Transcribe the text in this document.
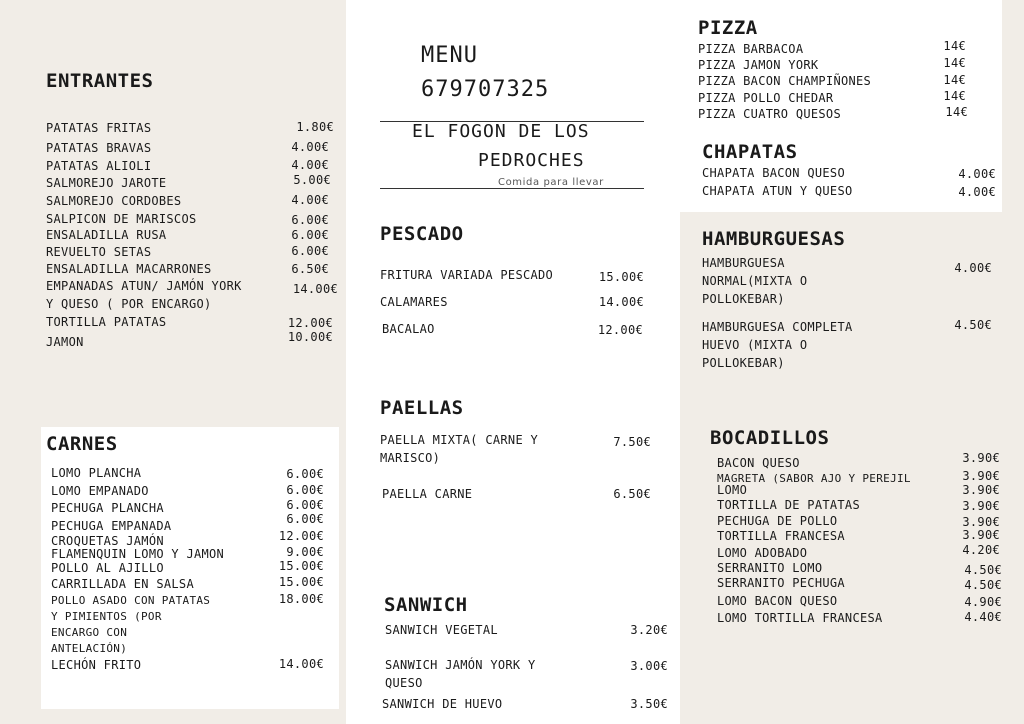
MENU
679707325
EL FOGON DE LOS
PEDROCHES
Comida para llevar
ENTRANTES
PATATAS FRITAS	1.80€
PATATAS BRAVAS	4.00€
PATATAS ALIOLI	4.00€
SALMOREJO JAROTE	5.00€
SALMOREJO CORDOBES	4.00€
SALPICON DE MARISCOS	6.00€
ENSALADILLA RUSA	6.00€
REVUELTO SETAS	6.00€
ENSALADILLA MACARRONES	6.50€
EMPANADAS ATUN/ JAMÓN YORK
Y QUESO ( POR ENCARGO)
14.00€
TORTILLA PATATAS	12.00€
JAMON	10.00€
CARNES
LOMO PLANCHA	6.00€
LOMO EMPANADO	6.00€
PECHUGA PLANCHA	6.00€
PECHUGA EMPANADA	6.00€
CROQUETAS JAMÓN	12.00€
FLAMENQUIN LOMO Y JAMON	9.00€
POLLO AL AJILLO	15.00€
CARRILLADA EN SALSA	15.00€
POLLO ASADO CON PATATAS
Y PIMIENTOS (POR
ENCARGO CON
ANTELACIÓN)
18.00€
LECHÓN FRITO	14.00€
PESCADO
FRITURA VARIADA PESCADO	15.00€
CALAMARES	14.00€
BACALAO	12.00€
PAELLAS
PAELLA MIXTA( CARNE Y
MARISCO)
7.50€
PAELLA CARNE	6.50€
SANWICH
SANWICH VEGETAL	3.20€
SANWICH JAMÓN YORK Y
QUESO
3.00€
SANWICH DE HUEVO	3.50€
PIZZA
PIZZA BARBACOA	14€
PIZZA JAMON YORK	14€
PIZZA BACON CHAMPIÑONES	14€
PIZZA POLLO CHEDAR	14€
PIZZA CUATRO QUESOS	14€
CHAPATAS
CHAPATA BACON QUESO	4.00€
CHAPATA ATUN Y QUESO	4.00€
HAMBURGUESAS
HAMBURGUESA
NORMAL(MIXTA O
POLLOKEBAR)
4.00€
HAMBURGUESA COMPLETA
HUEVO (MIXTA O
POLLOKEBAR)
4.50€
BOCADILLOS
BACON QUESO	3.90€
MAGRETA (SABOR AJO Y PEREJIL	3.90€
LOMO	3.90€
TORTILLA DE PATATAS	3.90€
PECHUGA DE POLLO	3.90€
TORTILLA FRANCESA	3.90€
LOMO ADOBADO	4.20€
SERRANITO LOMO	4.50€
SERRANITO PECHUGA	4.50€
LOMO BACON QUESO	4.90€
LOMO TORTILLA FRANCESA	4.40€
